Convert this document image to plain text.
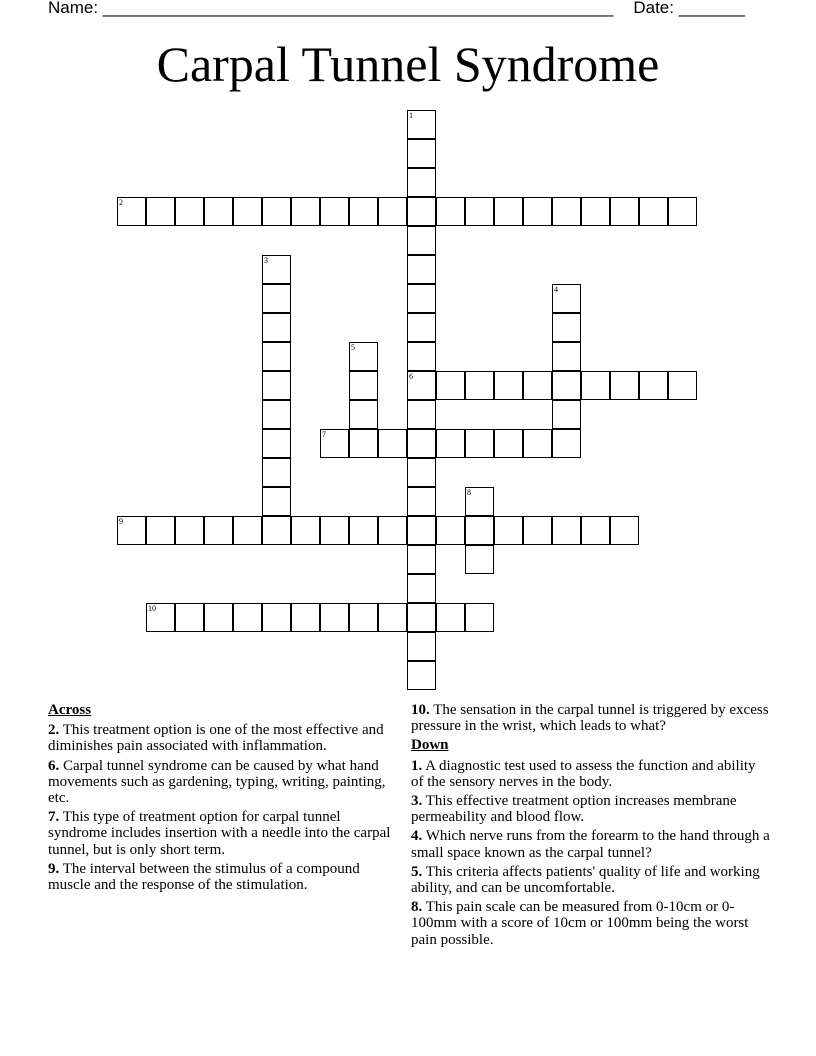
Name: ______________________________________________________ Date: _______
Carpal Tunnel Syndrome
1
6
2
3
4
5
7
8
9
10
Across
2. This treatment option is one of the most effective and diminishes pain associated with inflammation.
6. Carpal tunnel syndrome can be caused by what hand movements such as gardening, typing, writing, painting, etc.
7. This type of treatment option for carpal tunnel syndrome includes insertion with a needle into the carpal tunnel, but is only short term.
9. The interval between the stimulus of a compound muscle and the response of the stimulation.
10. The sensation in the carpal tunnel is triggered by excess pressure in the wrist, which leads to what?
Down
1. A diagnostic test used to assess the function and ability of the sensory nerves in the body.
3. This effective treatment option increases membrane permeability and blood flow.
4. Which nerve runs from the forearm to the hand through a small space known as the carpal tunnel?
5. This criteria affects patients' quality of life and working ability, and can be uncomfortable.
8. This pain scale can be measured from 0-10cm or 0-100mm with a score of 10cm or 100mm being the worst pain possible.
